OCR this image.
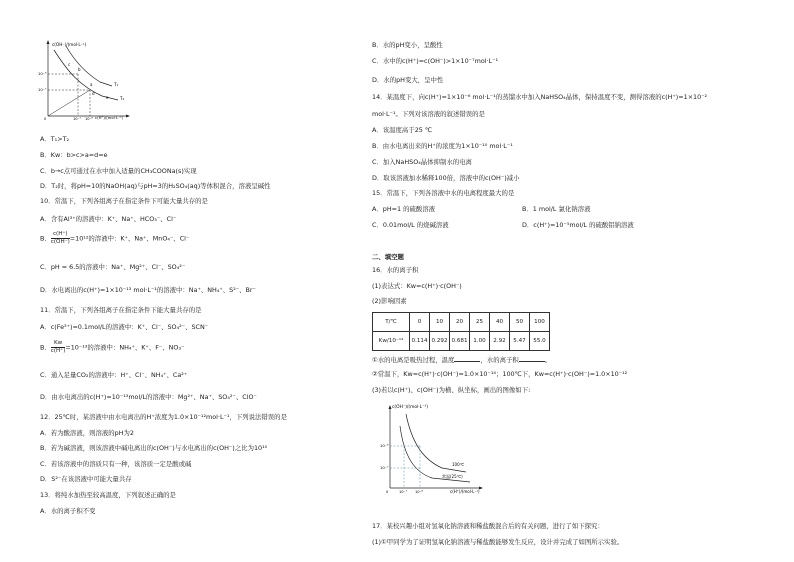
c(OH⁻)/(mol·L⁻¹)
c(H⁺)/(mol·L⁻¹)
10⁻⁶
10⁻⁷
10⁻⁷ 10⁻⁶
0
a
b
c
d
e
T₁
T₂
A．T₁>T₂
B．Kw：b>c>a=d=e
C．b→c点可通过在水中加入适量的CH₃COONa(s)实现
D．T₂时，将pH=10的NaOH(aq)与pH=3的H₂SO₄(aq)等体积混合，溶液呈碱性
10．常温下，下列各组离子在指定条件下可能大量共存的是
A．含有Al³⁺的溶液中：K⁺、Na⁺、HCO₃⁻、Cl⁻
B． $\frac{c(H^+)}{c(OH^-)} =10^{12}$的溶液中：K⁺、Na⁺、MnO₄⁻、Cl⁻
C．pH = 6.5的溶液中：Na⁺、Mg²⁺、Cl⁻、SO₄²⁻
D．水电离出的c(H⁺)=1×10⁻¹³ mol·L⁻¹的溶液中：Na⁺、NH₄⁺、S²⁻、Br⁻
11．常温下，下列各组离子在指定条件下能大量共存的是
A．c(Fe³⁺)=0.1mol/L的溶液中：K⁺、Cl⁻、SO₄²⁻、SCN⁻
B． $\frac{Kw}{c(H^+)} =10^{-13}$的溶液中：NH₄⁺、K⁺、F⁻、NO₃⁻
C．通入足量CO₂的溶液中：H⁺、Cl⁻、NH₄⁺、Ca²⁺
D．由水电离出的c(H⁺)=10⁻¹³mol/L的溶液中：Mg²⁺、Na⁺、SO₄²⁻、ClO⁻
12．25℃时，某溶液中由水电离出的H⁺浓度为1.0×10⁻¹²mol·L⁻¹，下列说法错误的是
A．若为酸溶液，则溶液的pH为2
B．若为碱溶液，则该溶液中碱电离出的c(OH⁻)与水电离出的c(OH⁻)之比为10¹⁰
C．若该溶液中的溶质只有一种，该溶质一定是酸或碱
D．S²⁻在该溶液中可能大量共存
13．将纯水加热至较高温度，下列叙述正确的是
A．水的离子积不变
B．水的pH变小，呈酸性
C．水中的c(H⁺)=c(OH⁻)>1×10⁻⁷mol·L⁻¹
D．水的pH变大，呈中性
14．某温度下，向c(H⁺)=1×10⁻⁶ mol·L⁻¹的蒸馏水中加入NaHSO₄晶体，保持温度不变，测得溶液的c(H⁺)=1×10⁻²
mol·L⁻¹。下列对该溶液的叙述错误的是
A．该温度高于25 ℃
B．由水电离出来的H⁺的浓度为1×10⁻¹⁰ mol·L⁻¹
C．加入NaHSO₄晶体抑制水的电离
D．取该溶液加水稀释100倍，溶液中的c(OH⁻)减小
15．常温下，下列各溶液中水的电离程度最大的是
A．pH=1 的硫酸溶液	B．1 mol/L 氯化钠溶液
C．0.01mol/L 的烧碱溶液	D．c(H⁺)=10⁻⁵mol/L 的硫酸铝钠溶液
二、填空题
16．水的离子积
(1)表达式：Kw=c(H⁺)·c(OH⁻)
(2)影响因素
T/℃	0	10	20	25	40	50	100
Kw/10⁻¹⁴	0.114	0.292	0.681	1.00	2.92	5.47	55.0
①水的电离是吸热过程，温度	，水的离子积	。
②常温下，Kw=c(H⁺)·c(OH⁻)=1.0×10⁻¹⁴；100℃下，Kw=c(H⁺)·c(OH⁻)=1.0×10⁻¹²
(3)若以c(H⁺)、c(OH⁻)为横、纵坐标，画出的图像如下:
c(OH⁻)/(mol·L⁻¹)
c(H⁺)/(mol·L⁻¹)
10⁻⁶
10⁻⁷
10⁻⁷ 10⁻⁶
0
100℃
常温(25℃)
17．某校兴趣小组对氢氧化钠溶液和稀盐酸混合后的有关问题，进行了如下探究：
(1)①甲同学为了证明氢氧化钠溶液与稀盐酸能够发生反应，设计并完成了如图所示实验。
